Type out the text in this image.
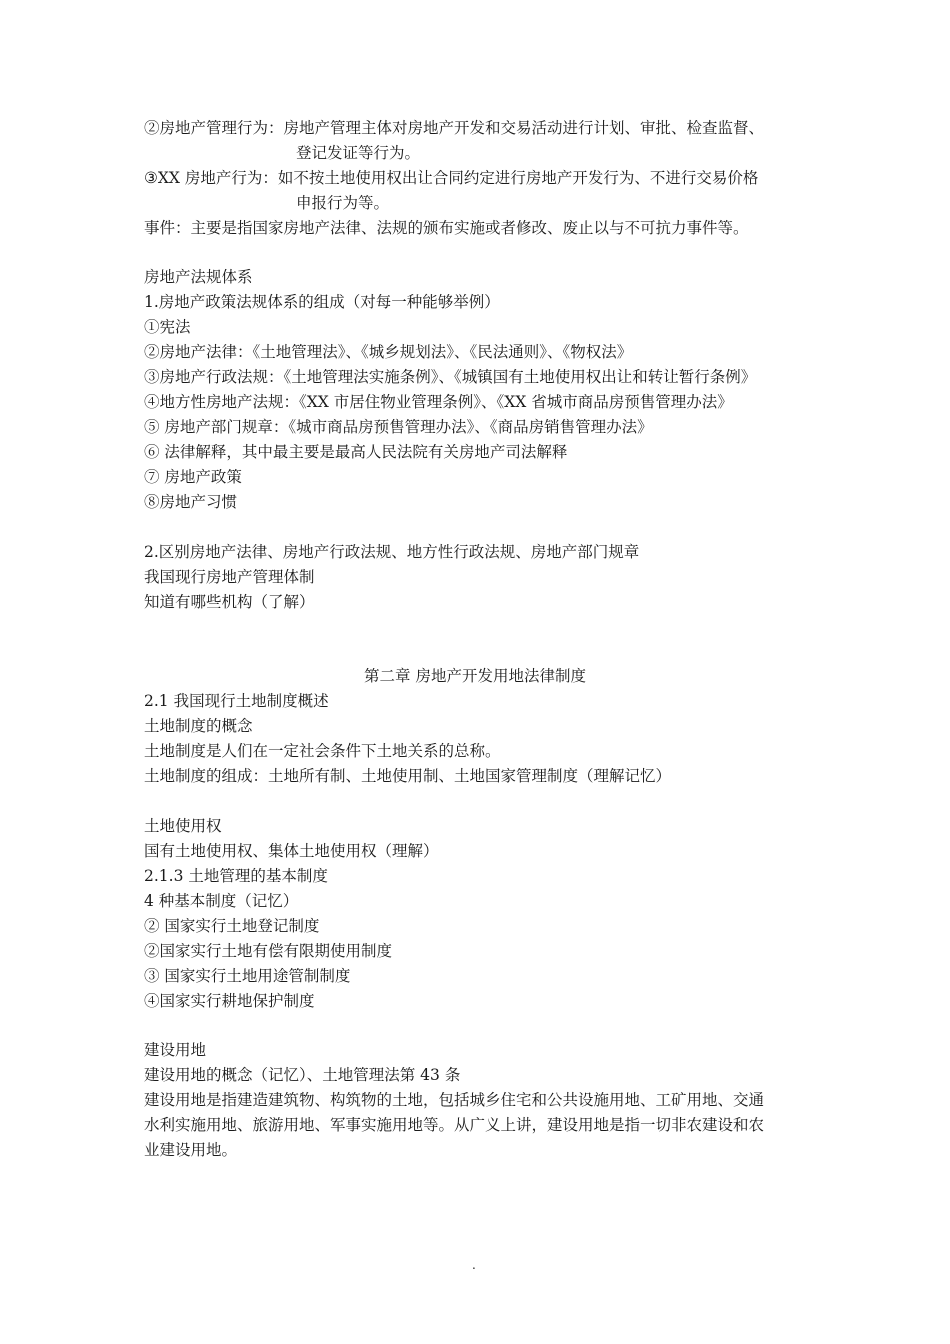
②房地产管理行为：房地产管理主体对房地产开发和交易活动进行计划、审批、检查监督、
登记发证等行为。
③XX 房地产行为：如不按土地使用权出让合同约定进行房地产开发行为、不进行交易价格
申报行为等。
事件：主要是指国家房地产法律、法规的颁布实施或者修改、废止以与不可抗力事件等。
房地产法规体系
1.房地产政策法规体系的组成（对每一种能够举例）
①宪法
②房地产法律：《土地管理法》、《城乡规划法》、《民法通则》、《物权法》
③房地产行政法规：《土地管理法实施条例》、《城镇国有土地使用权出让和转让暂行条例》
④地方性房地产法规：《XX 市居住物业管理条例》、《XX 省城市商品房预售管理办法》
⑤ 房地产部门规章：《城市商品房预售管理办法》、《商品房销售管理办法》
⑥ 法律解释，其中最主要是最高人民法院有关房地产司法解释
⑦ 房地产政策
⑧房地产习惯
2.区别房地产法律、房地产行政法规、地方性行政法规、房地产部门规章
我国现行房地产管理体制
知道有哪些机构（了解）
第二章 房地产开发用地法律制度
2.1 我国现行土地制度概述
土地制度的概念
土地制度是人们在一定社会条件下土地关系的总称。
土地制度的组成：土地所有制、土地使用制、土地国家管理制度（理解记忆）
土地使用权
国有土地使用权、集体土地使用权（理解）
2.1.3 土地管理的基本制度
4 种基本制度（记忆）
② 国家实行土地登记制度
②国家实行土地有偿有限期使用制度
③ 国家实行土地用途管制制度
④国家实行耕地保护制度
建设用地
建设用地的概念（记忆）、土地管理法第 43 条
建设用地是指建造建筑物、构筑物的土地，包括城乡住宅和公共设施用地、工矿用地、交通
水利实施用地、旅游用地、军事实施用地等。从广义上讲，建设用地是指一切非农建设和农
业建设用地。
.
